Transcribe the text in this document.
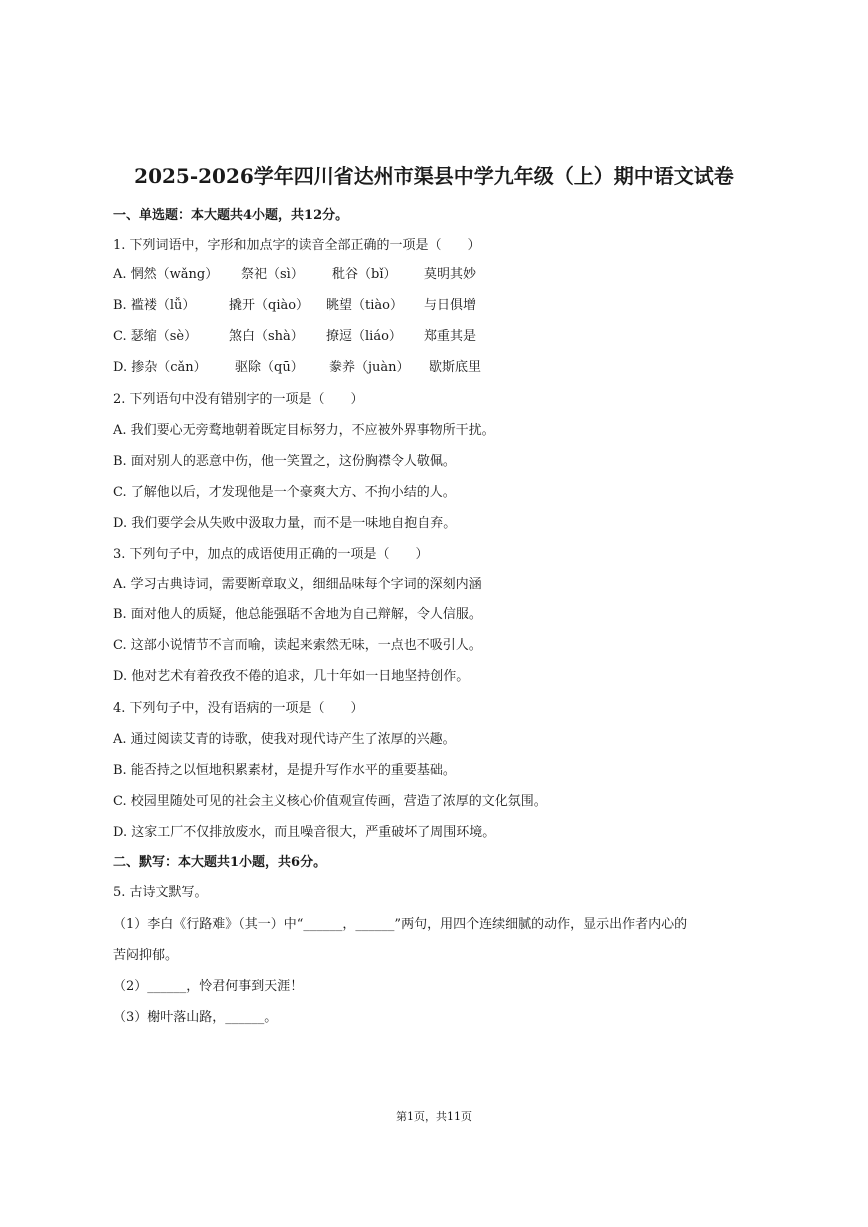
2025-2026学年四川省达州市渠县中学九年级（上）期中语文试卷
一、单选题：本大题共4小题，共12分。
1. 下列词语中，字形和加点字的读音全部正确的一项是（　　）
A. 惘然（wǎng） 祭祀（sì） 秕谷（bǐ） 莫明其妙
B. 褴褛（lǚ）	撬开（qiào） 眺望（tiào） 与日俱增
C. 瑟缩（sè） 煞白（shà） 撩逗（liáo） 郑重其是
D. 掺杂（cǎn） 驱除（qū） 豢养（juàn） 歇斯底里
2. 下列语句中没有错别字的一项是（　　）
A. 我们要心无旁鹜地朝着既定目标努力，不应被外界事物所干扰。
B. 面对别人的恶意中伤，他一笑置之，这份胸襟令人敬佩。
C. 了解他以后，才发现他是一个豪爽大方、不拘小结的人。
D. 我们要学会从失败中汲取力量，而不是一味地自抱自弃。
3. 下列句子中，加点的成语使用正确的一项是（　　）
A. 学习古典诗词，需要断章取义，细细品味每个字词的深刻内涵
B. 面对他人的质疑，他总能强聒不舍地为自己辩解，令人信服。
C. 这部小说情节不言而喻，读起来索然无味，一点也不吸引人。
D. 他对艺术有着孜孜不倦的追求，几十年如一日地坚持创作。
4. 下列句子中，没有语病的一项是（　　）
A. 通过阅读艾青的诗歌，使我对现代诗产生了浓厚的兴趣。
B. 能否持之以恒地积累素材，是提升写作水平的重要基础。
C. 校园里随处可见的社会主义核心价值观宣传画，营造了浓厚的文化氛围。
D. 这家工厂不仅排放废水，而且噪音很大，严重破坏了周围环境。
二、默写：本大题共1小题，共6分。
5. 古诗文默写。
（1）李白《行路难》（其一）中“______，______”两句，用四个连续细腻的动作，显示出作者内心的
苦闷抑郁。
（2）______，怜君何事到天涯！
（3）榭叶落山路，______。
第1页，共11页
